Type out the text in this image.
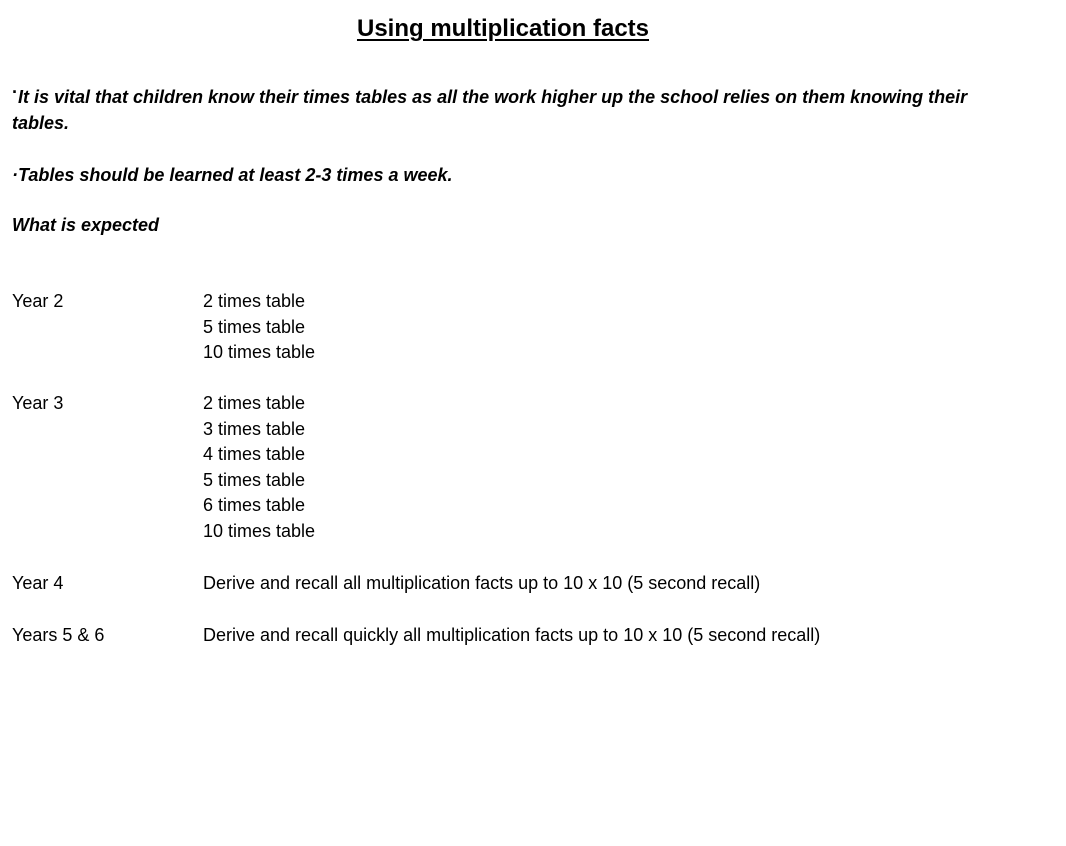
Using multiplication facts

·It is vital that children know their times tables as all the work higher up the school relies on them knowing their tables.

·Tables should be learned at least 2-3 times a week.

What is expected

Year 2	2 times table
5 times table
10 times table
Year 3	2 times table
3 times table
4 times table
5 times table
6 times table
10 times table
Year 4	Derive and recall all multiplication facts up to 10 x 10 (5 second recall)
Years 5 & 6	Derive and recall quickly all multiplication facts up to 10 x 10 (5 second recall)
